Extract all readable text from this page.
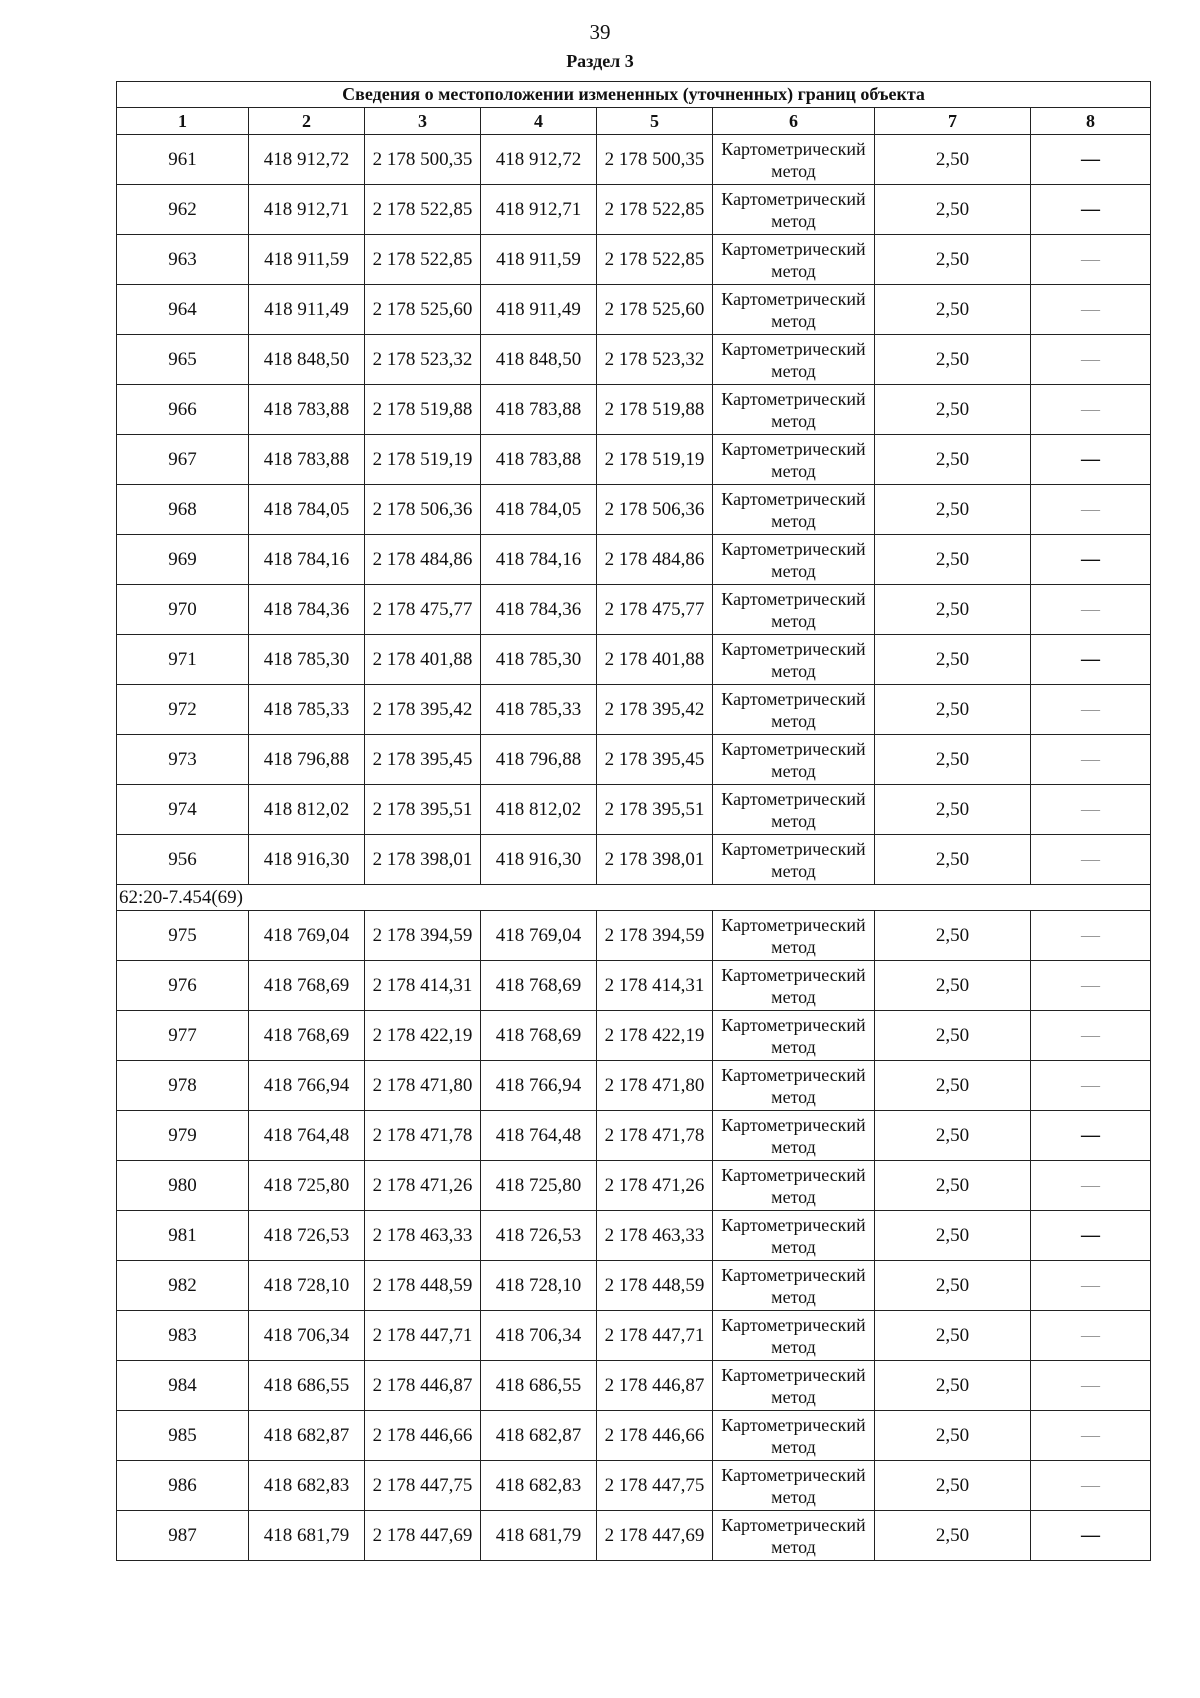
39
Раздел 3
Сведения о местоположении измененных (уточненных) границ объекта							
1	2	3	4	5	6	7	8
961	418 912,72	2 178 500,35	418 912,72	2 178 500,35	Картометрический метод	2,50	—
962	418 912,71	2 178 522,85	418 912,71	2 178 522,85	Картометрический метод	2,50	—
963	418 911,59	2 178 522,85	418 911,59	2 178 522,85	Картометрический метод	2,50	—
964	418 911,49	2 178 525,60	418 911,49	2 178 525,60	Картометрический метод	2,50	—
965	418 848,50	2 178 523,32	418 848,50	2 178 523,32	Картометрический метод	2,50	—
966	418 783,88	2 178 519,88	418 783,88	2 178 519,88	Картометрический метод	2,50	—
967	418 783,88	2 178 519,19	418 783,88	2 178 519,19	Картометрический метод	2,50	—
968	418 784,05	2 178 506,36	418 784,05	2 178 506,36	Картометрический метод	2,50	—
969	418 784,16	2 178 484,86	418 784,16	2 178 484,86	Картометрический метод	2,50	—
970	418 784,36	2 178 475,77	418 784,36	2 178 475,77	Картометрический метод	2,50	—
971	418 785,30	2 178 401,88	418 785,30	2 178 401,88	Картометрический метод	2,50	—
972	418 785,33	2 178 395,42	418 785,33	2 178 395,42	Картометрический метод	2,50	—
973	418 796,88	2 178 395,45	418 796,88	2 178 395,45	Картометрический метод	2,50	—
974	418 812,02	2 178 395,51	418 812,02	2 178 395,51	Картометрический метод	2,50	—
956	418 916,30	2 178 398,01	418 916,30	2 178 398,01	Картометрический метод	2,50	—
62:20-7.454(69)							
975	418 769,04	2 178 394,59	418 769,04	2 178 394,59	Картометрический метод	2,50	—
976	418 768,69	2 178 414,31	418 768,69	2 178 414,31	Картометрический метод	2,50	—
977	418 768,69	2 178 422,19	418 768,69	2 178 422,19	Картометрический метод	2,50	—
978	418 766,94	2 178 471,80	418 766,94	2 178 471,80	Картометрический метод	2,50	—
979	418 764,48	2 178 471,78	418 764,48	2 178 471,78	Картометрический метод	2,50	—
980	418 725,80	2 178 471,26	418 725,80	2 178 471,26	Картометрический метод	2,50	—
981	418 726,53	2 178 463,33	418 726,53	2 178 463,33	Картометрический метод	2,50	—
982	418 728,10	2 178 448,59	418 728,10	2 178 448,59	Картометрический метод	2,50	—
983	418 706,34	2 178 447,71	418 706,34	2 178 447,71	Картометрический метод	2,50	—
984	418 686,55	2 178 446,87	418 686,55	2 178 446,87	Картометрический метод	2,50	—
985	418 682,87	2 178 446,66	418 682,87	2 178 446,66	Картометрический метод	2,50	—
986	418 682,83	2 178 447,75	418 682,83	2 178 447,75	Картометрический метод	2,50	—
987	418 681,79	2 178 447,69	418 681,79	2 178 447,69	Картометрический метод	2,50	—
